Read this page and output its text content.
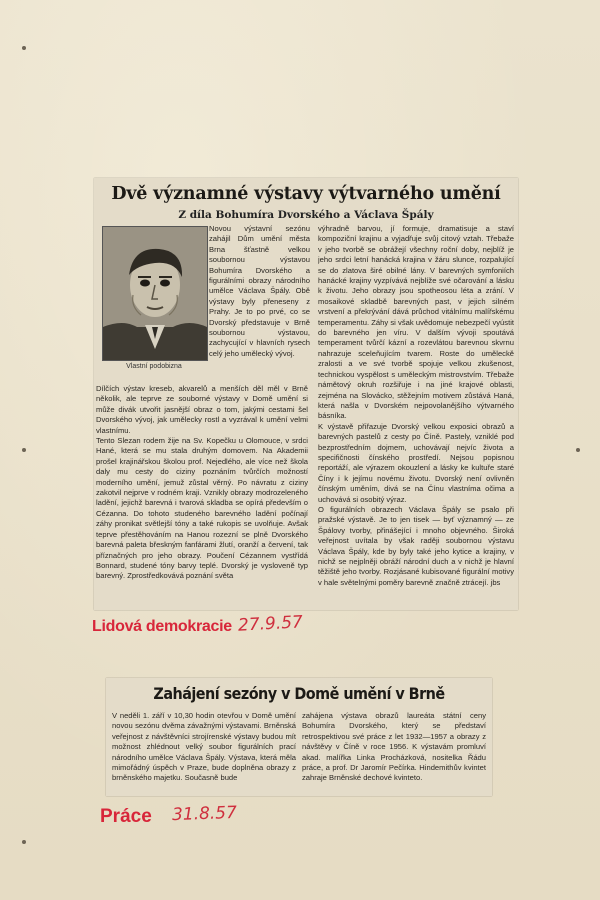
Dvě významné výstavy výtvarného umění
Z díla Bohumíra Dvorského a Václava Špály
Vlastní podobizna
Novou výstavní sezónu zahájil Dům umění města Brna šťastně velkou soubornou výstavou Bohumíra Dvorského a figurálními obrazy národního umělce Václava Špály. Obě výstavy byly přeneseny z Prahy. Je to po prvé, co se Dvorský představuje v Brně soubornou výstavou, zachycující v hlavních rysech celý jeho umělecký vývoj.
Dílčích výstav kreseb, akvarelů a menších děl měl v Brně několik, ale teprve ze souborné výstavy v Domě umění si může divák utvořit jasnější obraz o tom, jakými cestami šel Dvorského vývoj, jak umělecky rostl a vyzrával k umění velmi vlastnímu.
Tento Slezan rodem žije na Sv. Kopečku u Olomouce, v srdci Hané, která se mu stala druhým domovem. Na Akademii prošel krajinářskou školou prof. Nejedlého, ale více než škola daly mu cesty do ciziny poznáním tvůrčích možností moderního umění, jemuž zůstal věrný. Po návratu z ciziny zakotvil nejprve v rodném kraji. Vznikly obrazy modrozeleného ladění, jejichž barevná i tvarová skladba se opírá především o Cézanna. Do tohoto studeného barevného ladění počínají záhy pronikat světlejší tóny a také rukopis se uvolňuje. Avšak teprve přestěhováním na Hanou rozezní se plně Dvorského barevná paleta břeskným fanfárami žlutí, oranží a červení, tak příznačných pro jeho obrazy. Poučení Cézannem vystřídá Bonnard, studené tóny barvy teplé. Dvorský je vysloveně typ barevný. Zprostředkovává poznání světa
výhradně barvou, jí formuje, dramatisuje a staví kompoziční krajinu a vyjadřuje svůj citový vztah. Třebaže v jeho tvorbě se obrážejí všechny roční doby, nejblíž je jeho srdci letní hanácká krajina v žáru slunce, rozpalující se do zlatova širé obilné lány. V barevných symfoniích hanácké krajiny vyzpívává nejblíže své očarování a lásku k životu. Jeho obrazy jsou spotheosou léta a zrání. V mosaikové skladbě barevných past, v jejich silném vrstvení a překrývání dává průchod vitálnímu malířskému temperamentu. Záhy si však uvědomuje nebezpečí vyústit do barevného jen víru. V dalším vývoji spoutává temperament tvůrčí kázní a rozevlátou barevnou skvrnu nahrazuje sceleňujícím tvarem. Roste do uměleckě zralosti a ve své tvorbě spojuje velkou zkušenost, technickou vyspělost s uměleckým mistrovstvím. Třebaže námětový okruh rozšiřuje i na jiné krajové oblasti, zejména na Slovácko, stěžejním motivem zůstává Haná, která našla v Dvorském nejpovolanějšího výtvarného básníka.
K výstavě přiřazuje Dvorský velkou exposici obrazů a barevných pastelů z cesty po Číně. Pastely, vzniklé pod bezprostředním dojmem, uchovávají nejvíc života a specifičnosti čínského prostředí. Nejsou popisnou reportáží, ale výrazem okouzlení a lásky ke kultuře staré Číny i k jejímu novému životu. Dvorský není ovlivněn čínským uměním, divá se na Čínu vlastníma očima a uchovává si osobitý výraz.
O figurálních obrazech Václava Špály se psalo při pražské výstavě. Je to jen tisek — byť významný — ze Špálovy tvorby, přinášející i mnoho objevného. Široká veřejnost uvítala by však raději soubornou výstavu Václava Špály, kde by byly také jeho kytice a krajiny, v nichž se nejplněji obráží národní duch a v nichž je hlavní těžiště jeho tvorby. Rozjásané kubisované figurální motivy v hale světelnými poměry barevně značně ztrácejí. jbs
Lidová demokracie 27.9.57
Zahájení sezóny v Domě umění v Brně
V neděli 1. září v 10,30 hodin otevřou v Domě umění novou sezónu dvěma závažnými výstavami. Brněnská veřejnost z návštěvníci strojírenské výstavy budou mít možnost zhlédnout velký soubor figurálních prací národního umělce Václava Špály. Výstava, která měla mimořádný úspěch v Praze, bude doplněna obrazy z brněnského majetku. Současně bude
zahájena výstava obrazů laureáta státní ceny Bohumíra Dvorského, který se představí retrospektivou své práce z let 1932—1957 a obrazy z návštěvy v Číně v roce 1956. K výstavám promluví akad. malířka Linka Procházková, nositelka Řádu práce, a prof. Dr Jaromír Pečírka. Hindemithův kvintet zahraje Brněnské dechové kvinteto.
Práce 31.8.57
